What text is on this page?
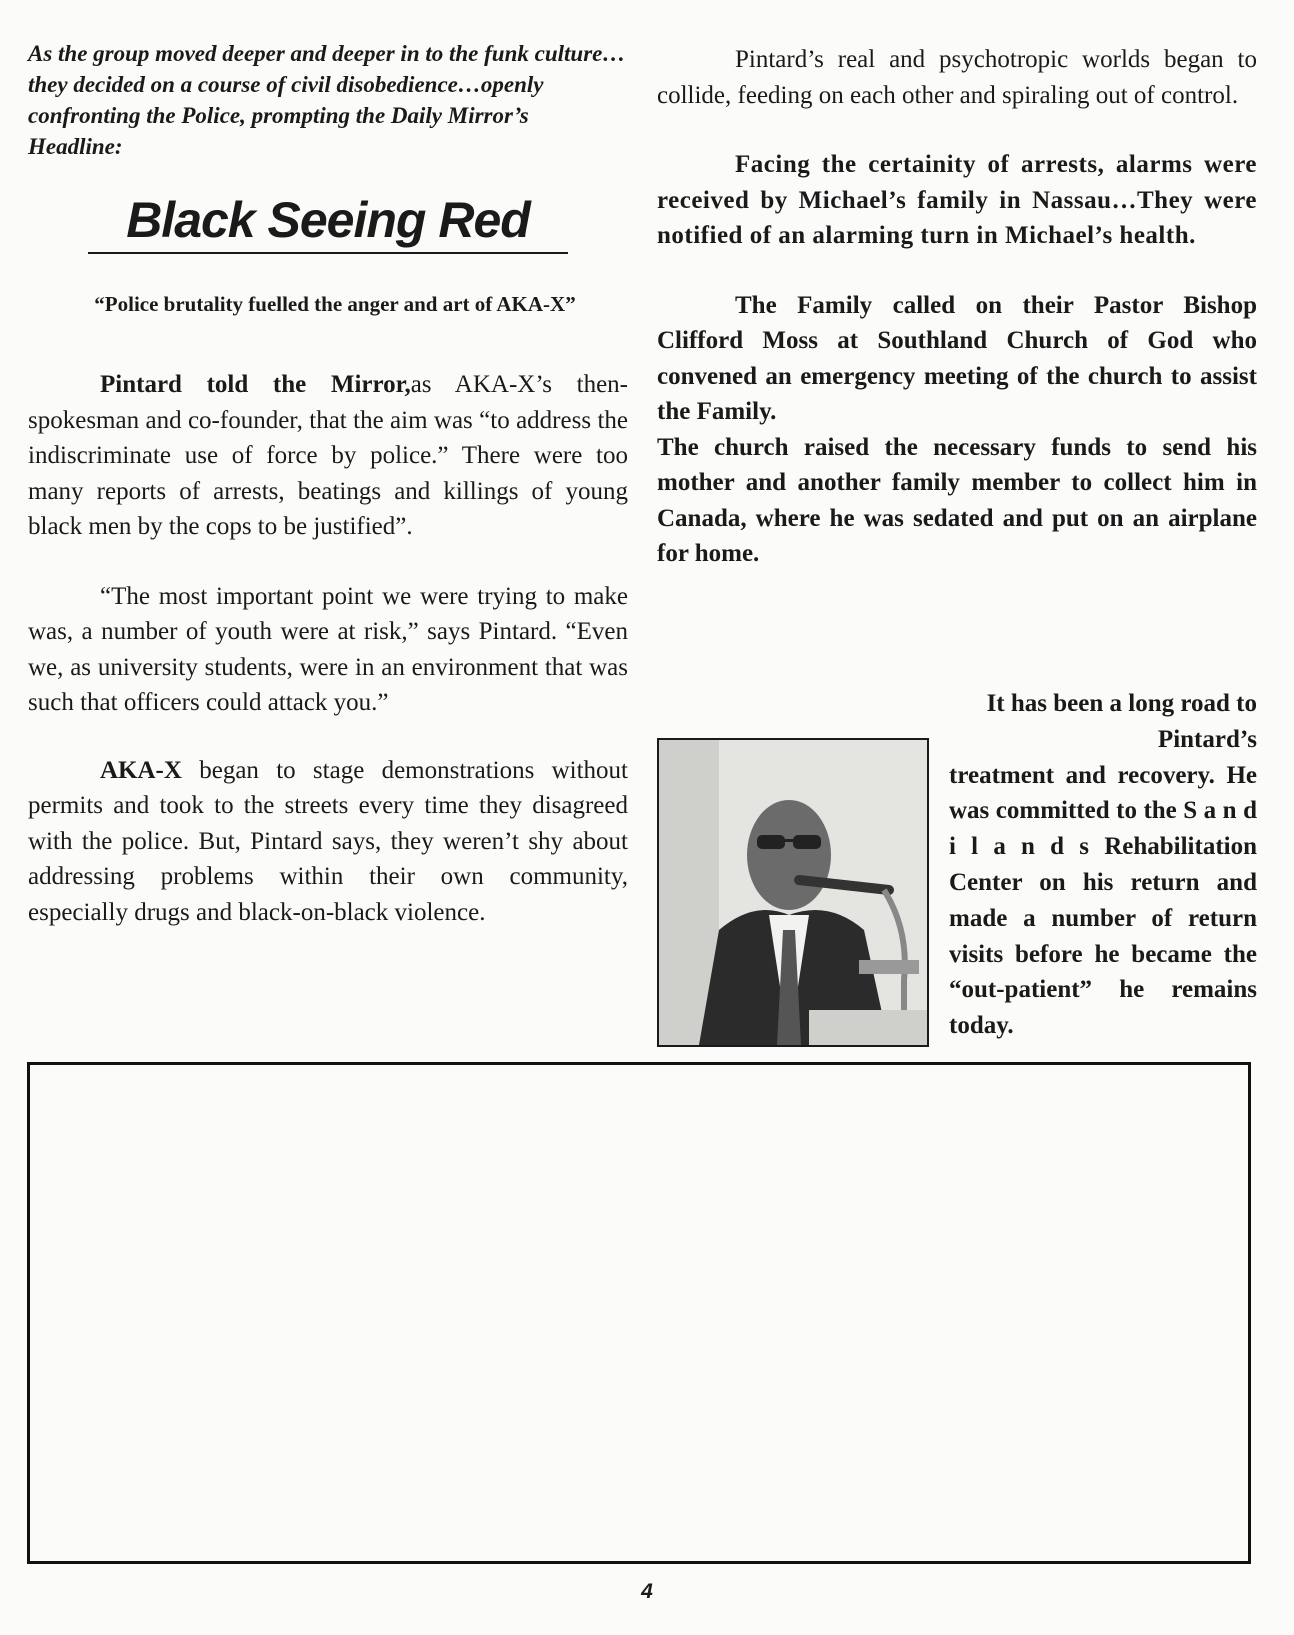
As the group moved deeper and deeper in to the funk culture…they decided on a course of civil disobedience…openly confronting the Police, prompting the Daily Mirror’s Headline:

Black Seeing Red
“Police brutality fuelled the anger and art of AKA-X”

Pintard told the Mirror,as AKA-X’s then-spokesman and co-founder, that the aim was “to address the indiscriminate use of force by police.” There were too many reports of arrests, beatings and killings of young black men by the cops to be justified”.

“The most important point we were trying to make was, a number of youth were at risk,” says Pintard. “Even we, as university students, were in an environment that was such that officers could attack you.”

AKA-X began to stage demonstrations without permits and took to the streets every time they disagreed with the police. But, Pintard says, they weren’t shy about addressing problems within their own community, especially drugs and black-on-black violence.

Pintard’s real and psychotropic worlds began to collide, feeding on each other and spiraling out of control.

Facing the certainity of arrests, alarms were received by Michael’s family in Nassau…They were notified of an alarming turn in Michael’s health.

The Family called on their Pastor Bishop Clifford Moss at Southland Church of God who convened an emergency meeting of the church to assist the Family.

The church raised the necessary funds to send his mother and another family member to collect him in Canada, where he was sedated and put on an airplane for home.

It has been a long road to Pintard’s
treatment and recovery. He was committed to the S a n d i l a n d s Rehabilitation Center on his return and made a number of return visits before he became the “out-patient” he remains today.

4
